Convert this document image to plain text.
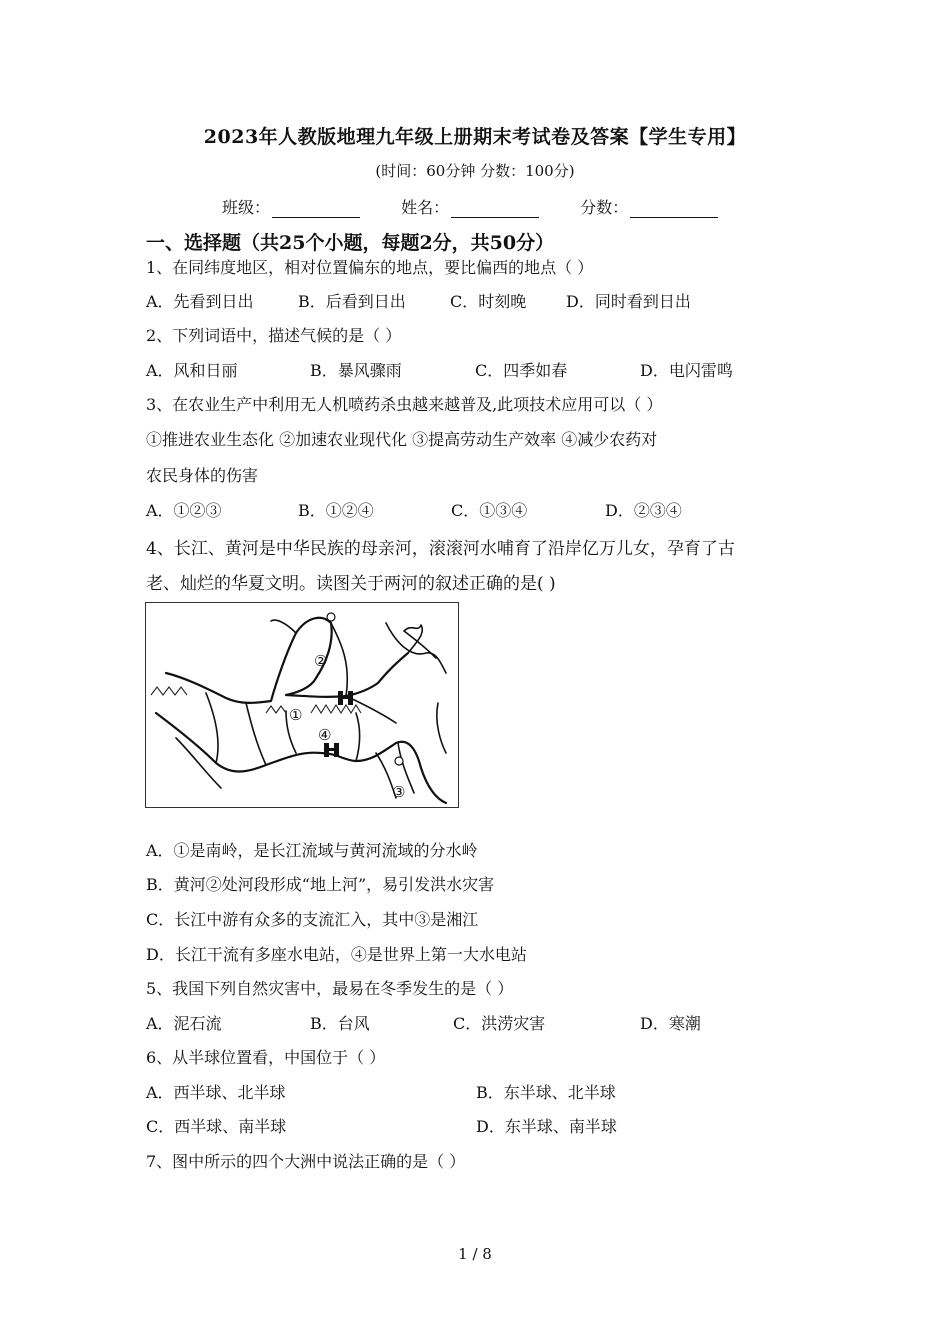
2023年人教版地理九年级上册期末考试卷及答案【学生专用】
(时间：60分钟 分数：100分)
班级：	姓名：	分数：
一、选择题（共25个小题，每题2分，共50分）
1、在同纬度地区，相对位置偏东的地点，要比偏西的地点（ ）
A．先看到日出	B．后看到日出	C．时刻晚 D．同时看到日出
2、下列词语中，描述气候的是（ ）
A．风和日丽	B．暴风骤雨	C．四季如春	D．电闪雷鸣
3、在农业生产中利用无人机喷药杀虫越来越普及,此项技术应用可以（ ）
①推进农业生态化 ②加速农业现代化 ③提高劳动生产效率 ④减少农药对
农民身体的伤害
A．①②③	B．①②④	C．①③④	D．②③④
4、长江、黄河是中华民族的母亲河，滚滚河水哺育了沿岸亿万儿女，孕育了古
老、灿烂的华夏文明。读图关于两河的叙述正确的是( )
②
①
④
③
A．①是南岭，是长江流域与黄河流域的分水岭
B．黄河②处河段形成“地上河”，易引发洪水灾害
C．长江中游有众多的支流汇入，其中③是湘江
D．长江干流有多座水电站，④是世界上第一大水电站
5、我国下列自然灾害中，最易在冬季发生的是（ ）
A．泥石流	B．台风	C．洪涝灾害	D．寒潮
6、从半球位置看，中国位于（ ）
A．西半球、北半球	B．东半球、北半球
C．西半球、南半球	D．东半球、南半球
7、图中所示的四个大洲中说法正确的是（ ）
1 / 8
